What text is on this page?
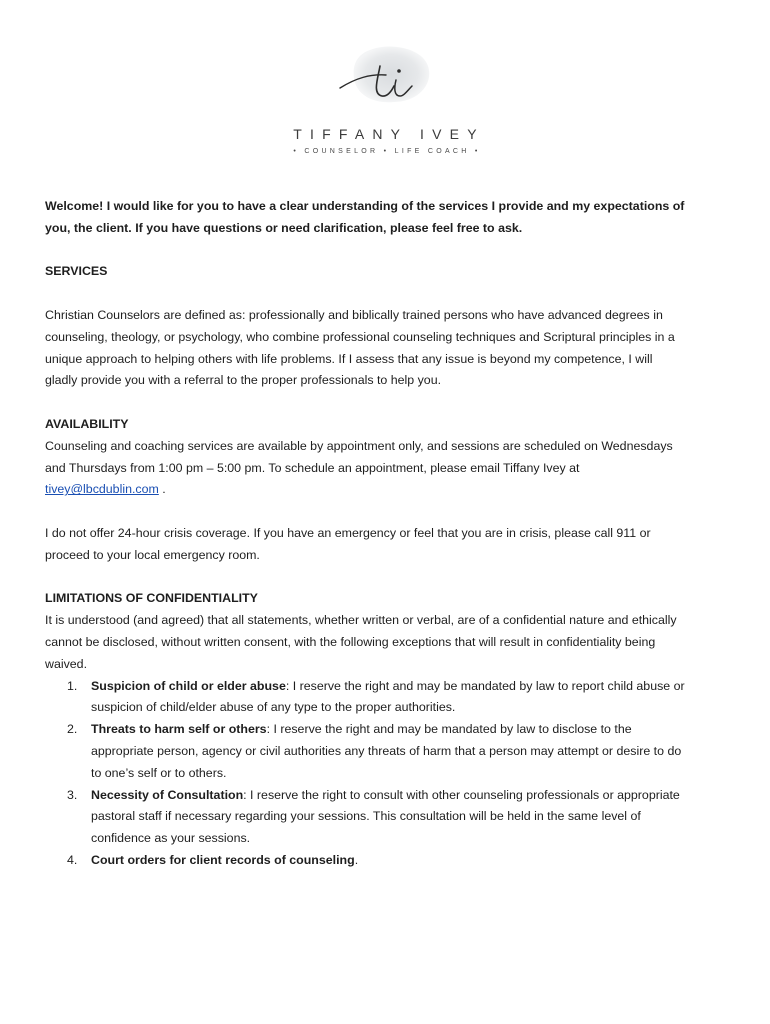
ti
TIFFANY IVEY
• COUNSELOR • LIFE COACH •

Welcome! I would like for you to have a clear understanding of the services I provide and my expectations of you, the client. If you have questions or need clarification, please feel free to ask.

SERVICES

Christian Counselors are defined as: professionally and biblically trained persons who have advanced degrees in counseling, theology, or psychology, who combine professional counseling techniques and Scriptural principles in a unique approach to helping others with life problems. If I assess that any issue is beyond my competence, I will gladly provide you with a referral to the proper professionals to help you.

AVAILABILITY

Counseling and coaching services are available by appointment only, and sessions are scheduled on Wednesdays and Thursdays from 1:00 pm – 5:00 pm. To schedule an appointment, please email Tiffany Ivey at tivey@lbcdublin.com .

I do not offer 24-hour crisis coverage. If you have an emergency or feel that you are in crisis, please call 911 or proceed to your local emergency room.

LIMITATIONS OF CONFIDENTIALITY

It is understood (and agreed) that all statements, whether written or verbal, are of a confidential nature and ethically cannot be disclosed, without written consent, with the following exceptions that will result in confidentiality being waived.

1. Suspicion of child or elder abuse: I reserve the right and may be mandated by law to report child abuse or suspicion of child/elder abuse of any type to the proper authorities.
2. Threats to harm self or others: I reserve the right and may be mandated by law to disclose to the appropriate person, agency or civil authorities any threats of harm that a person may attempt or desire to do to one’s self or to others.
3. Necessity of Consultation: I reserve the right to consult with other counseling professionals or appropriate pastoral staff if necessary regarding your sessions. This consultation will be held in the same level of confidence as your sessions.
4. Court orders for client records of counseling.
